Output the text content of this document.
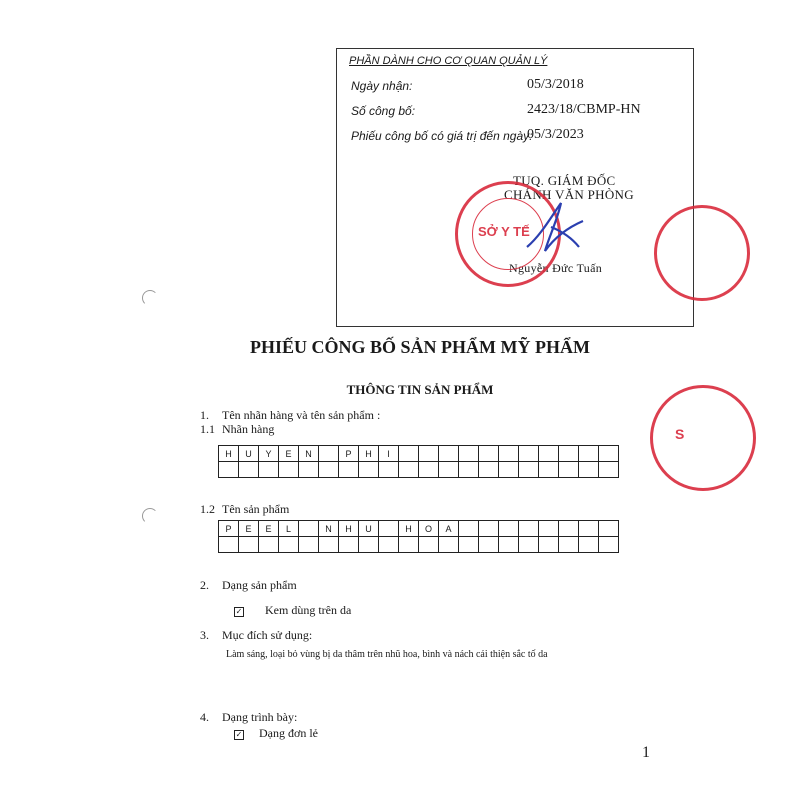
PHẦN DÀNH CHO CƠ QUAN QUẢN LÝ
Ngày nhận:	05/3/2018
Số công bố:	2423/18/CBMP-HN
Phiếu công bố có giá trị đến ngày:
05/3/2023
TUQ. GIÁM ĐỐC
CHÁNH VĂN PHÒNG
Nguyễn Đức Tuấn
SỞ Y TẾ
S
PHIẾU CÔNG BỐ SẢN PHẨM MỸ PHẨM
THÔNG TIN SẢN PHẨM
1. Tên nhãn hàng và tên sản phẩm :
1.1 Nhãn hàng
H	U	Y	E	N		P	H	I											

1.2 Tên sản phẩm
P	E	E	L		N	H	U		H	O	A								

2. Dạng sản phẩm
✓ Kem dùng trên da
3. Mục đích sử dụng:
Làm sáng, loại bỏ vùng bị da thâm trên nhũ hoa, bình và nách cải thiện sắc tố da
4. Dạng trình bày:
✓ Dạng đơn lẻ
1
